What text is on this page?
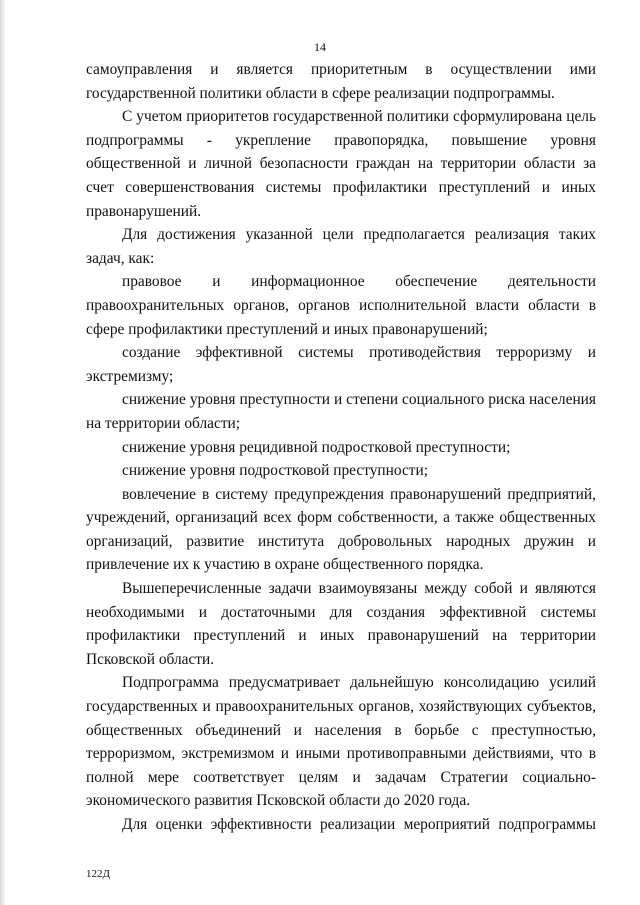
14

самоуправления и является приоритетным в осуществлении ими государственной политики области в сфере реализации подпрограммы.

С учетом приоритетов государственной политики сформулирована цель подпрограммы - укрепление правопорядка, повышение уровня общественной и личной безопасности граждан на территории области за счет совершенствования системы профилактики преступлений и иных правонарушений.

Для достижения указанной цели предполагается реализация таких задач, как:

правовое и информационное обеспечение деятельности правоохранительных органов, органов исполнительной власти области в сфере профилактики преступлений и иных правонарушений;

создание эффективной системы противодействия терроризму и экстремизму;

снижение уровня преступности и степени социального риска населения на территории области;

снижение уровня рецидивной подростковой преступности;

снижение уровня подростковой преступности;

вовлечение в систему предупреждения правонарушений предприятий, учреждений, организаций всех форм собственности, а также общественных организаций, развитие института добровольных народных дружин и привлечение их к участию в охране общественного порядка.

Вышеперечисленные задачи взаимоувязаны между собой и являются необходимыми и достаточными для создания эффективной системы профилактики преступлений и иных правонарушений на территории Псковской области.

Подпрограмма предусматривает дальнейшую консолидацию усилий государственных и правоохранительных органов, хозяйствующих субъектов, общественных объединений и населения в борьбе с преступностью, терроризмом, экстремизмом и иными противоправными действиями, что в полной мере соответствует целям и задачам Стратегии социально-экономического развития Псковской области до 2020 года.

Для оценки эффективности реализации мероприятий подпрограммы

122Д
